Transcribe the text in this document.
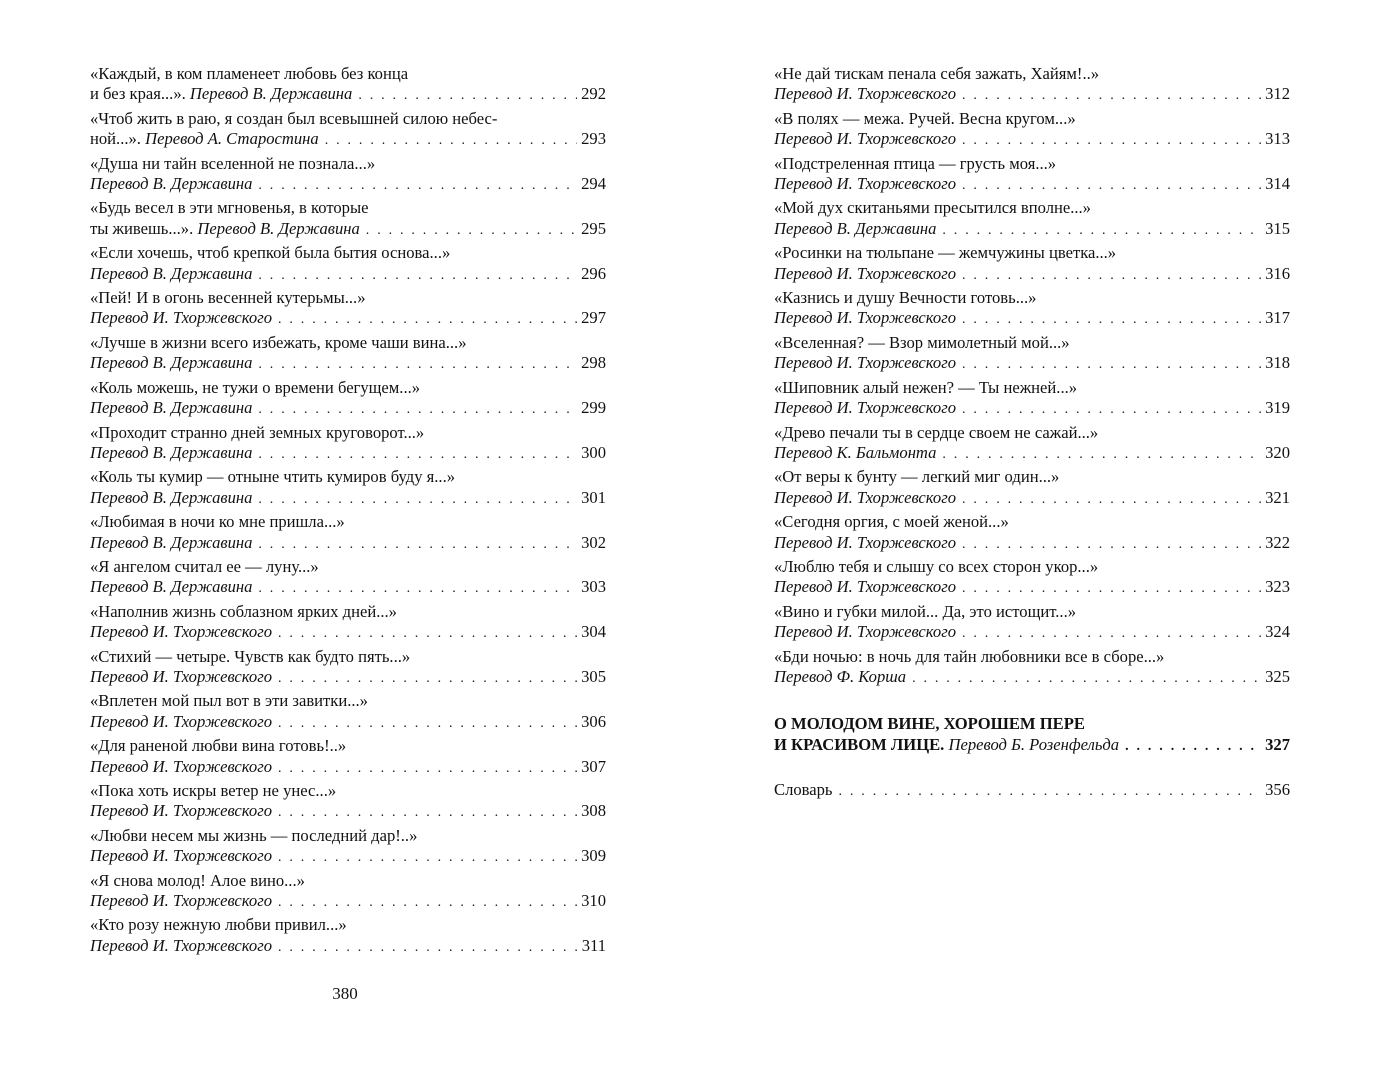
«Каждый, в ком пламенеет любовь без конца
и без края...». Перевод В. Державина . . .	292
«Чтоб жить в раю, я создан был всевышней силою небес-
ной...». Перевод А. Старостина . . .	293
«Душа ни тайн вселенной не познала...»
Перевод В. Державина . . .	294
«Будь весел в эти мгновенья, в которые
ты живешь...». Перевод В. Державина . . .	295
«Если хочешь, чтоб крепкой была бытия основа...»
Перевод В. Державина . . .	296
«Пей! И в огонь весенней кутерьмы...»
Перевод И. Тхоржевского . . .	297
«Лучше в жизни всего избежать, кроме чаши вина...»
Перевод В. Державина . . .	298
«Коль можешь, не тужи о времени бегущем...»
Перевод В. Державина . . .	299
«Проходит странно дней земных круговорот...»
Перевод В. Державина . . .	300
«Коль ты кумир — отныне чтить кумиров буду я...»
Перевод В. Державина . . .	301
«Любимая в ночи ко мне пришла...»
Перевод В. Державина . . .	302
«Я ангелом считал ее — луну...»
Перевод В. Державина . . .	303
«Наполнив жизнь соблазном ярких дней...»
Перевод И. Тхоржевского . . .	304
«Стихий — четыре. Чувств как будто пять...»
Перевод И. Тхоржевского . . .	305
«Вплетен мой пыл вот в эти завитки...»
Перевод И. Тхоржевского . . .	306
«Для раненой любви вина готовь!..»
Перевод И. Тхоржевского . . .	307
«Пока хоть искры ветер не унес...»
Перевод И. Тхоржевского . . .	308
«Любви несем мы жизнь — последний дар!..»
Перевод И. Тхоржевского . . .	309
«Я снова молод! Алое вино...»
Перевод И. Тхоржевского . . .	310
«Кто розу нежную любви привил...»
Перевод И. Тхоржевского . . .	311
«Не дай тискам пенала себя зажать, Хайям!..»
Перевод И. Тхоржевского . . .	312
«В полях — межа. Ручей. Весна кругом...»
Перевод И. Тхоржевского . . .	313
«Подстреленная птица — грусть моя...»
Перевод И. Тхоржевского . . .	314
«Мой дух скитаньями пресытился вполне...»
Перевод В. Державина . . .	315
«Росинки на тюльпане — жемчужины цветка...»
Перевод И. Тхоржевского . . .	316
«Казнись и душу Вечности готовь...»
Перевод И. Тхоржевского . . .	317
«Вселенная? — Взор мимолетный мой...»
Перевод И. Тхоржевского . . .	318
«Шиповник алый нежен? — Ты нежней...»
Перевод И. Тхоржевского . . .	319
«Древо печали ты в сердце своем не сажай...»
Перевод К. Бальмонта . . .	320
«От веры к бунту — легкий миг один...»
Перевод И. Тхоржевского . . .	321
«Сегодня оргия, с моей женой...»
Перевод И. Тхоржевского . . .	322
«Люблю тебя и слышу со всех сторон укор...»
Перевод И. Тхоржевского . . .	323
«Вино и губки милой... Да, это истощит...»
Перевод И. Тхоржевского . . .	324
«Бди ночью: в ночь для тайн любовники все в сборе...»
Перевод Ф. Корша . . .	325
О МОЛОДОМ ВИНЕ, ХОРОШЕМ ПЕРЕ
И КРАСИВОМ ЛИЦЕ. Перевод Б. Розенфельда . . .	327
Словарь . . .	356
380
